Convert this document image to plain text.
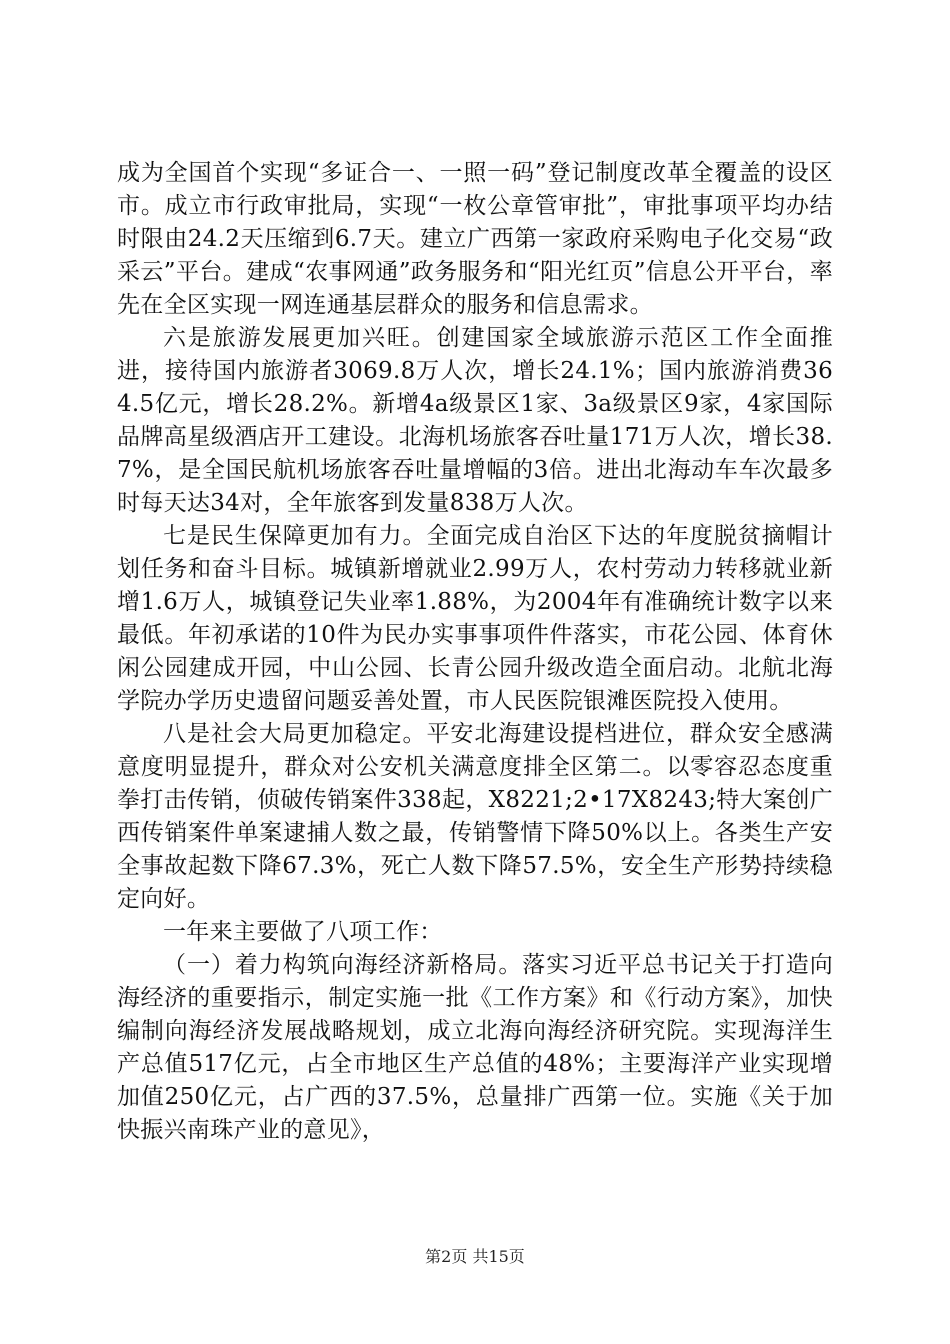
成为全国首个实现“多证合一、一照一码”登记制度改革全覆盖的设区市。成立市行政审批局，实现“一枚公章管审批”，审批事项平均办结时限由24.2天压缩到6.7天。建立广西第一家政府采购电子化交易“政采云”平台。建成“农事网通”政务服务和“阳光红页”信息公开平台，率先在全区实现一网连通基层群众的服务和信息需求。

六是旅游发展更加兴旺。创建国家全域旅游示范区工作全面推进，接待国内旅游者3069.8万人次，增长24.1%；国内旅游消费364.5亿元，增长28.2%。新增4a级景区1家、3a级景区9家，4家国际品牌高星级酒店开工建设。北海机场旅客吞吐量171万人次，增长38.7%，是全国民航机场旅客吞吐量增幅的3倍。进出北海动车车次最多时每天达34对，全年旅客到发量838万人次。

七是民生保障更加有力。全面完成自治区下达的年度脱贫摘帽计划任务和奋斗目标。城镇新增就业2.99万人，农村劳动力转移就业新增1.6万人，城镇登记失业率1.88%，为2004年有准确统计数字以来最低。年初承诺的10件为民办实事事项件件落实，市花公园、体育休闲公园建成开园，中山公园、长青公园升级改造全面启动。北航北海学院办学历史遗留问题妥善处置，市人民医院银滩医院投入使用。

八是社会大局更加稳定。平安北海建设提档进位，群众安全感满意度明显提升，群众对公安机关满意度排全区第二。以零容忍态度重拳打击传销，侦破传销案件338起，X8221;2•17X8243;特大案创广西传销案件单案逮捕人数之最，传销警情下降50%以上。各类生产安全事故起数下降67.3%，死亡人数下降57.5%，安全生产形势持续稳定向好。

一年来主要做了八项工作：

（一）着力构筑向海经济新格局。落实习近平总书记关于打造向海经济的重要指示，制定实施一批《工作方案》和《行动方案》，加快编制向海经济发展战略规划，成立北海向海经济研究院。实现海洋生产总值517亿元，占全市地区生产总值的48%；主要海洋产业实现增加值250亿元，占广西的37.5%，总量排广西第一位。实施《关于加快振兴南珠产业的意见》，

第2页 共15页
